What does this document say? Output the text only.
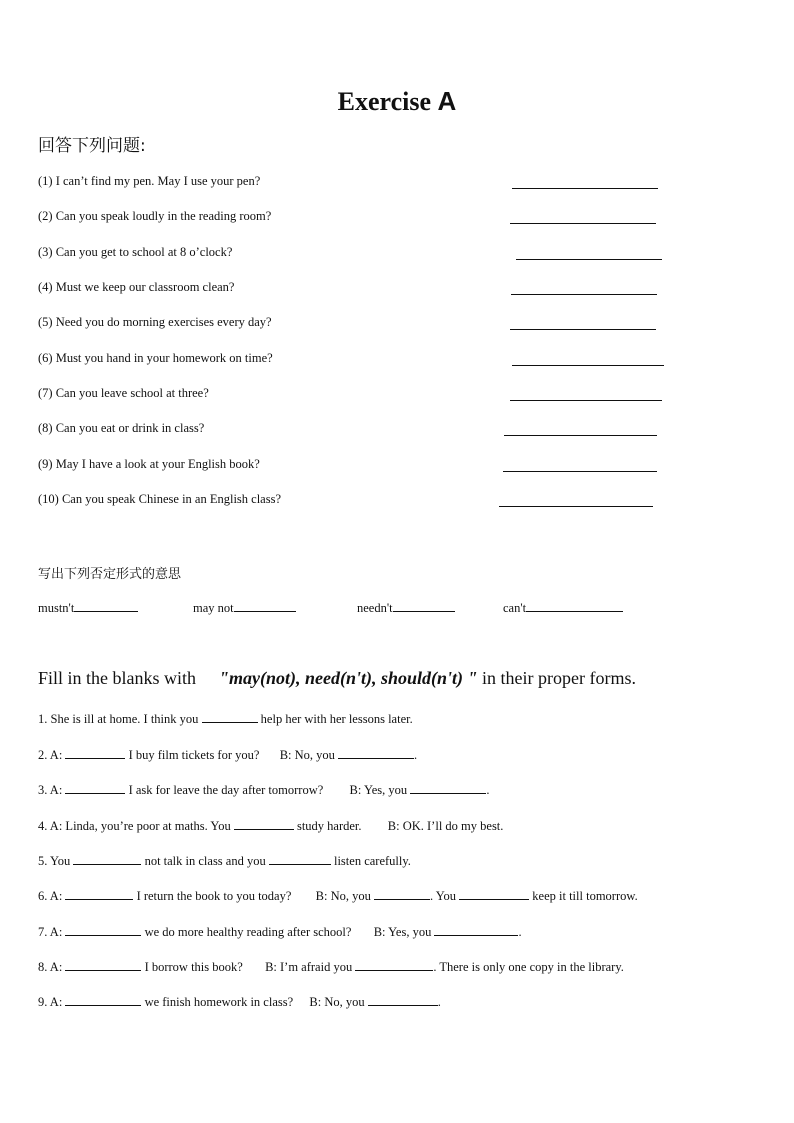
Exercise A
回答下列问题:
(1) I can’t find my pen. May I use your pen?
(2) Can you speak loudly in the reading room?
(3) Can you get to school at 8 o’clock?
(4) Must we keep our classroom clean?
(5) Need you do morning exercises every day?
(6) Must you hand in your homework on time?
(7) Can you leave school at three?
(8) Can you eat or drink in class?
(9) May I have a look at your English book?
(10) Can you speak Chinese in an English class?
写出下列否定形式的意思
mustn't	may not	needn't	can't
Fill in the blanks with "may(not), need(n't), should(n't) " in their proper forms.
1. She is ill at home. I think you	help her with her lessons later.
2. A:	I buy film tickets for you? B: No, you	.
3. A:	I ask for leave the day after tomorrow? B: Yes, you	.
4. A: Linda, you’re poor at maths. You	study harder. B: OK. I’ll do my best.
5. You	not talk in class and you	listen carefully.
6. A:	I return the book to you today? B: No, you	. You	keep it till tomorrow.
7. A:	we do more healthy reading after school? B: Yes, you	.
8. A:	I borrow this book? B: I’m afraid you	. There is only one copy in the library.
9. A:	we finish homework in class? B: No, you	.
